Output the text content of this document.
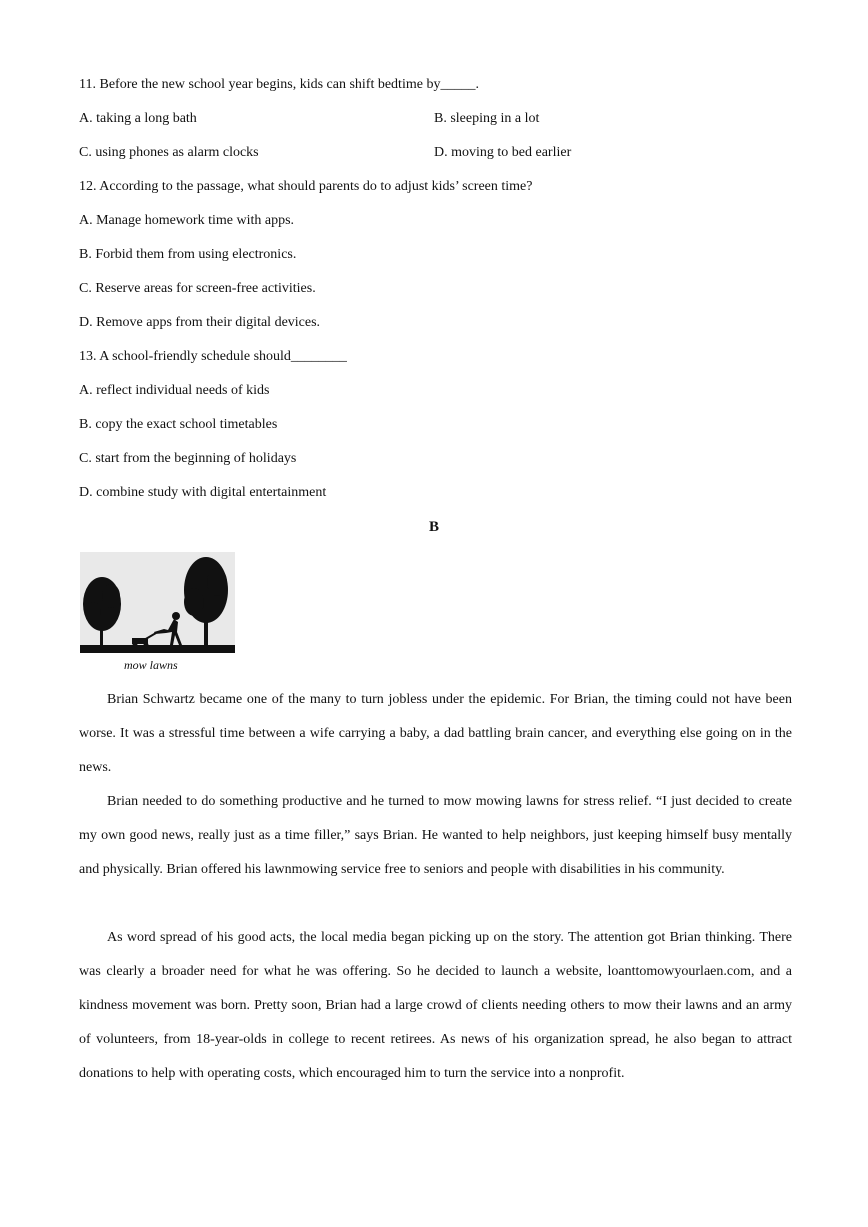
11. Before the new school year begins, kids can shift bedtime by_____.
A. taking a long bath	B. sleeping in a lot
C. using phones as alarm clocks	D. moving to bed earlier
12. According to the passage, what should parents do to adjust kids’ screen time?
A. Manage homework time with apps.
B. Forbid them from using electronics.
C. Reserve areas for screen-free activities.
D. Remove apps from their digital devices.
13. A school-friendly schedule should________
A. reflect individual needs of kids
B. copy the exact school timetables
C. start from the beginning of holidays
D. combine study with digital entertainment
B
mow lawns

Brian Schwartz became one of the many to turn jobless under the epidemic. For Brian, the timing could not have been worse. It was a stressful time between a wife carrying a baby, a dad battling brain cancer, and everything else going on in the news.

Brian needed to do something productive and he turned to mow mowing lawns for stress relief. “I just decided to create my own good news, really just as a time filler,” says Brian. He wanted to help neighbors, just keeping himself busy mentally and physically. Brian offered his lawnmowing service free to seniors and people with disabilities in his community.

As word spread of his good acts, the local media began picking up on the story. The attention got Brian thinking. There was clearly a broader need for what he was offering. So he decided to launch a website, loanttomowyourlaen.com, and a kindness movement was born. Pretty soon, Brian had a large crowd of clients needing others to mow their lawns and an army of volunteers, from 18-year-olds in college to recent retirees. As news of his organization spread, he also began to attract donations to help with operating costs, which encouraged him to turn the service into a nonprofit.
